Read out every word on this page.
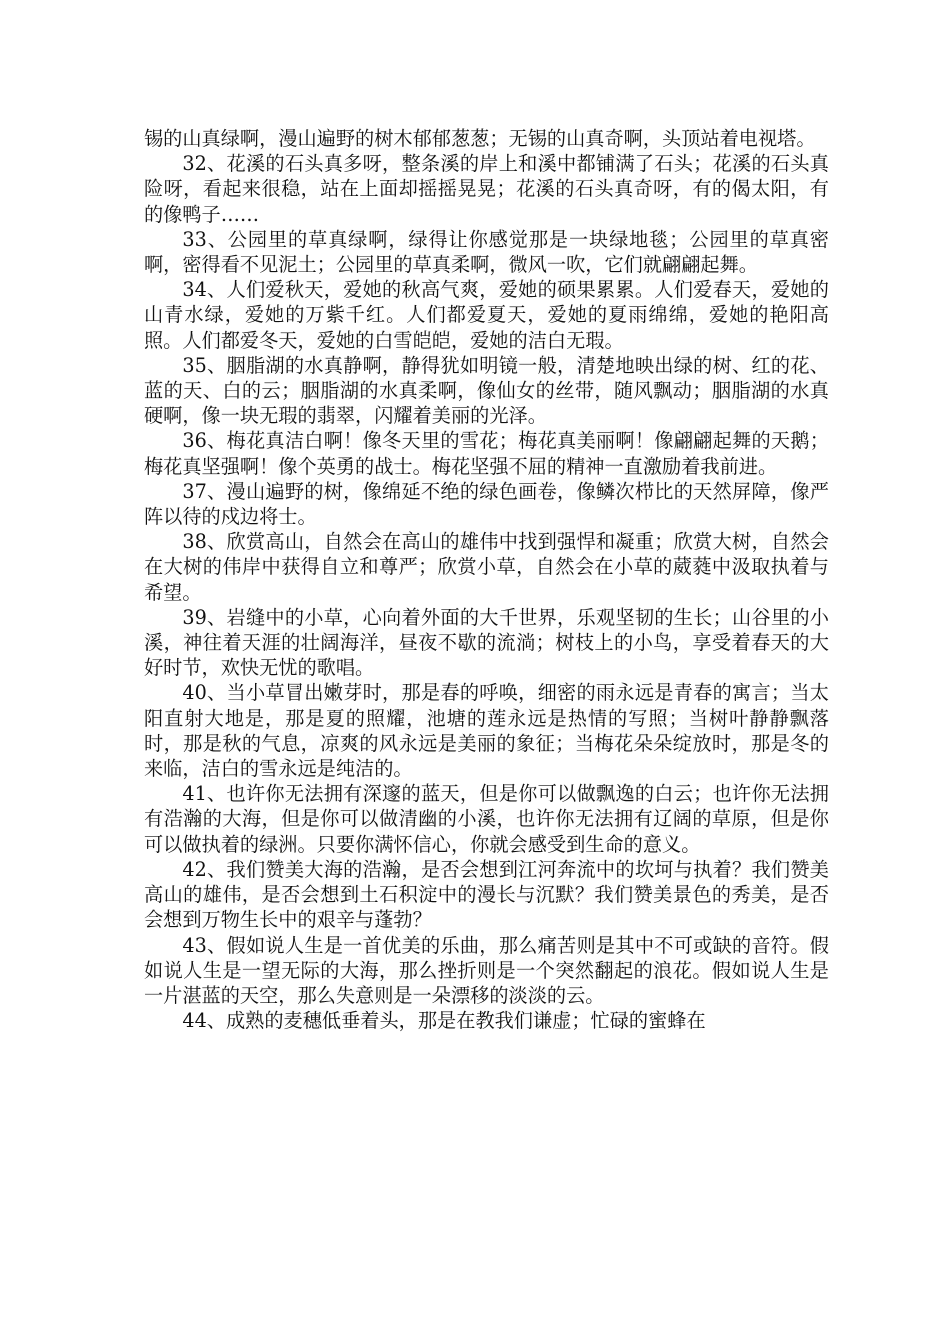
锡的山真绿啊，漫山遍野的树木郁郁葱葱；无锡的山真奇啊，头顶站着电视塔。

32、花溪的石头真多呀，整条溪的岸上和溪中都铺满了石头；花溪的石头真险呀，看起来很稳，站在上面却摇摇晃晃；花溪的石头真奇呀，有的偈太阳，有的像鸭子……

33、公园里的草真绿啊，绿得让你感觉那是一块绿地毯；公园里的草真密啊，密得看不见泥土；公园里的草真柔啊，微风一吹，它们就翩翩起舞。

34、人们爱秋天，爱她的秋高气爽，爱她的硕果累累。人们爱春天，爱她的山青水绿，爱她的万紫千红。人们都爱夏天，爱她的夏雨绵绵，爱她的艳阳高照。人们都爱冬天，爱她的白雪皑皑，爱她的洁白无瑕。

35、胭脂湖的水真静啊，静得犹如明镜一般，清楚地映出绿的树、红的花、蓝的天、白的云；胭脂湖的水真柔啊，像仙女的丝带，随风飘动；胭脂湖的水真硬啊，像一块无瑕的翡翠，闪耀着美丽的光泽。

36、梅花真洁白啊！像冬天里的雪花；梅花真美丽啊！像翩翩起舞的天鹅；梅花真坚强啊！像个英勇的战士。梅花坚强不屈的精神一直激励着我前进。

37、漫山遍野的树，像绵延不绝的绿色画卷，像鳞次栉比的天然屏障，像严阵以待的戍边将士。

38、欣赏高山，自然会在高山的雄伟中找到强悍和凝重；欣赏大树，自然会在大树的伟岸中获得自立和尊严；欣赏小草，自然会在小草的葳蕤中汲取执着与希望。

39、岩缝中的小草，心向着外面的大千世界，乐观坚韧的生长；山谷里的小溪，神往着天涯的壮阔海洋，昼夜不歇的流淌；树枝上的小鸟，享受着春天的大好时节，欢快无忧的歌唱。

40、当小草冒出嫩芽时，那是春的呼唤，细密的雨永远是青春的寓言；当太阳直射大地是，那是夏的照耀，池塘的莲永远是热情的写照；当树叶静静飘落时，那是秋的气息，凉爽的风永远是美丽的象征；当梅花朵朵绽放时，那是冬的来临，洁白的雪永远是纯洁的。

41、也许你无法拥有深邃的蓝天，但是你可以做飘逸的白云；也许你无法拥有浩瀚的大海，但是你可以做清幽的小溪，也许你无法拥有辽阔的草原，但是你可以做执着的绿洲。只要你满怀信心，你就会感受到生命的意义。

42、我们赞美大海的浩瀚，是否会想到江河奔流中的坎坷与执着？我们赞美高山的雄伟，是否会想到土石积淀中的漫长与沉默？我们赞美景色的秀美，是否会想到万物生长中的艰辛与蓬勃？

43、假如说人生是一首优美的乐曲，那么痛苦则是其中不可或缺的音符。假如说人生是一望无际的大海，那么挫折则是一个突然翻起的浪花。假如说人生是一片湛蓝的天空，那么失意则是一朵漂移的淡淡的云。

44、成熟的麦穗低垂着头，那是在教我们谦虚；忙碌的蜜蜂在
